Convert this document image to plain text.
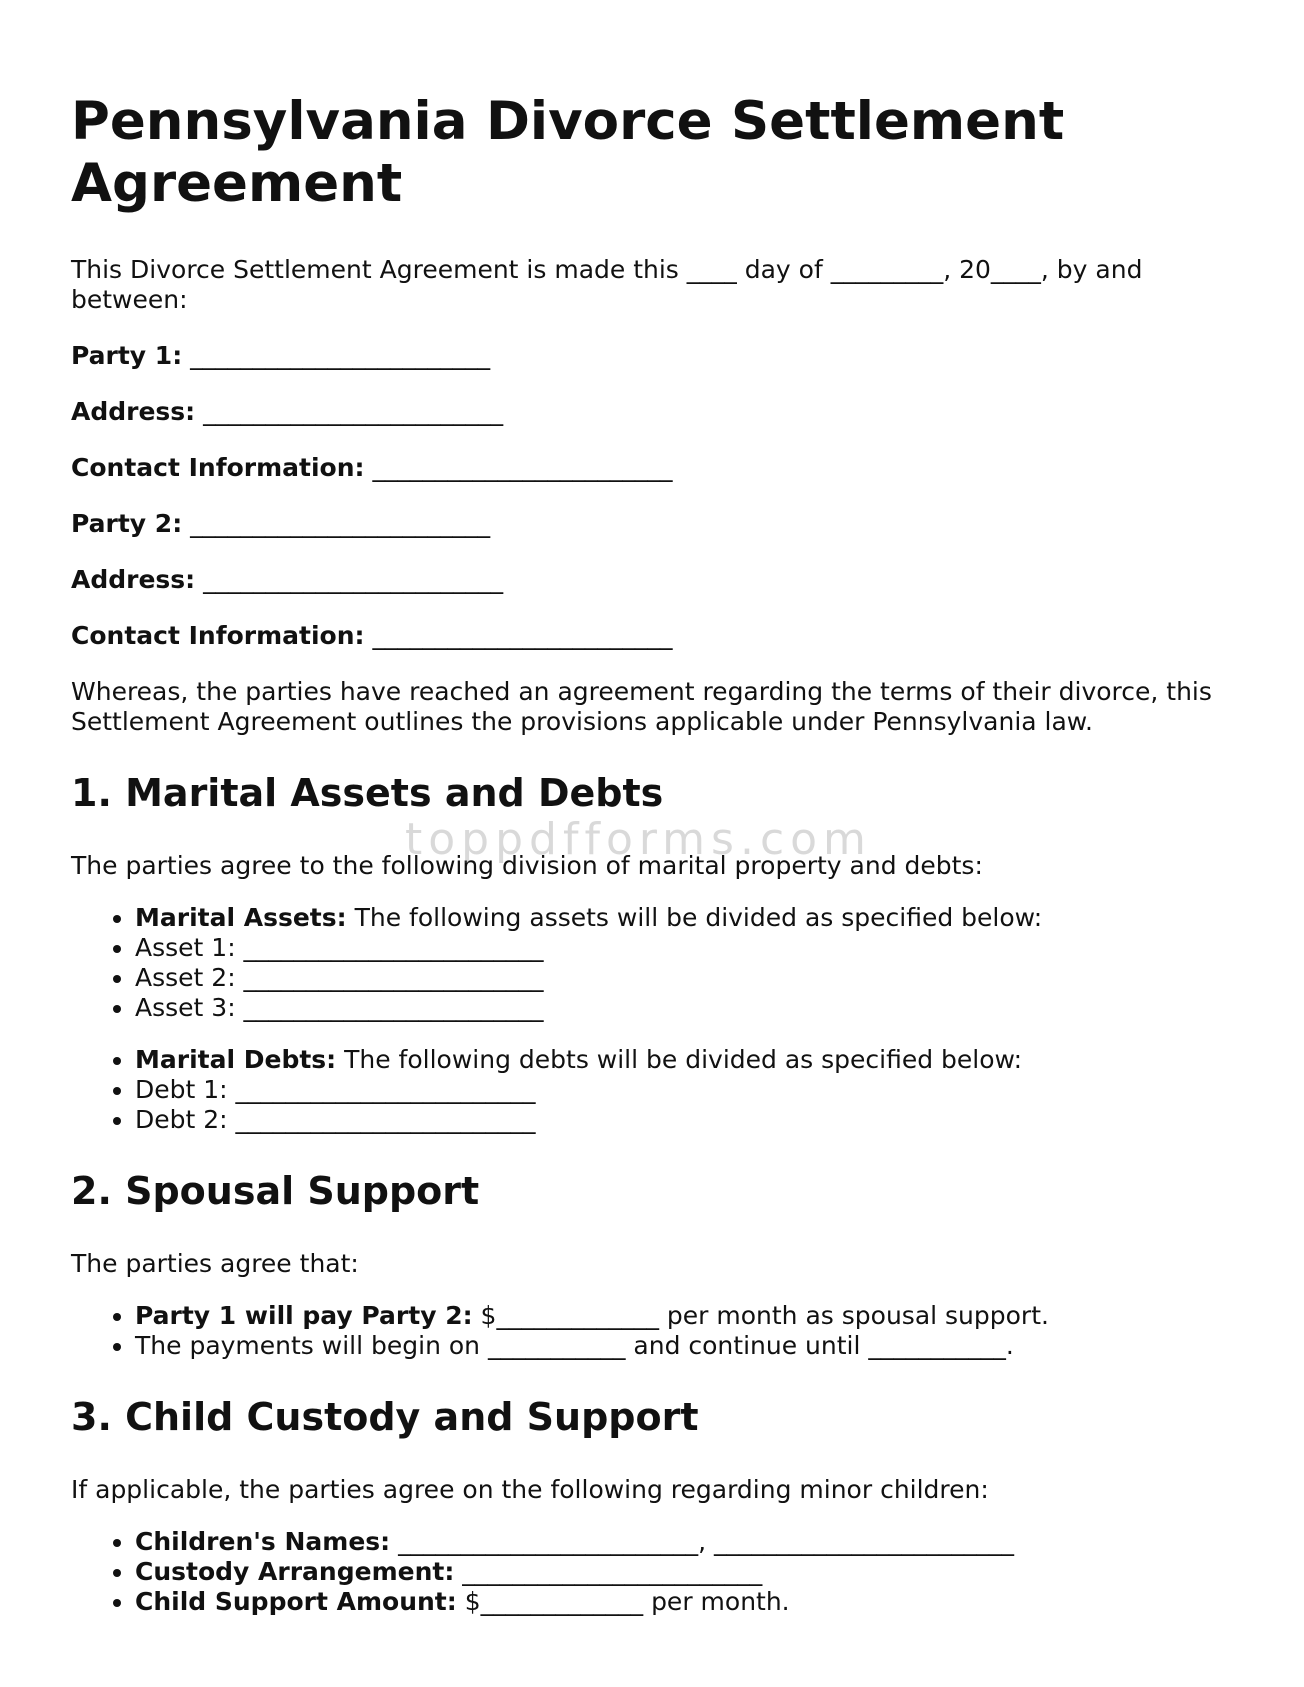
Pennsylvania Divorce Settlement Agreement

This Divorce Settlement Agreement is made this ____ day of _________, 20____, by and between:

Party 1: ________________________

Address: ________________________

Contact Information: ________________________

Party 2: ________________________

Address: ________________________

Contact Information: ________________________

Whereas, the parties have reached an agreement regarding the terms of their divorce, this Settlement Agreement outlines the provisions applicable under Pennsylvania law.

1. Marital Assets and Debts

The parties agree to the following division of marital property and debts:

• Marital Assets: The following assets will be divided as specified below:
• Asset 1: ________________________
• Asset 2: ________________________
• Asset 3: ________________________
• Marital Debts: The following debts will be divided as specified below:
• Debt 1: ________________________
• Debt 2: ________________________
2. Spousal Support

The parties agree that:

• Party 1 will pay Party 2: $_____________ per month as spousal support.
• The payments will begin on ___________ and continue until ___________.
3. Child Custody and Support

If applicable, the parties agree on the following regarding minor children:

• Children's Names: ________________________, ________________________
• Custody Arrangement: ________________________
• Child Support Amount: $_____________ per month.
toppdfforms.com
